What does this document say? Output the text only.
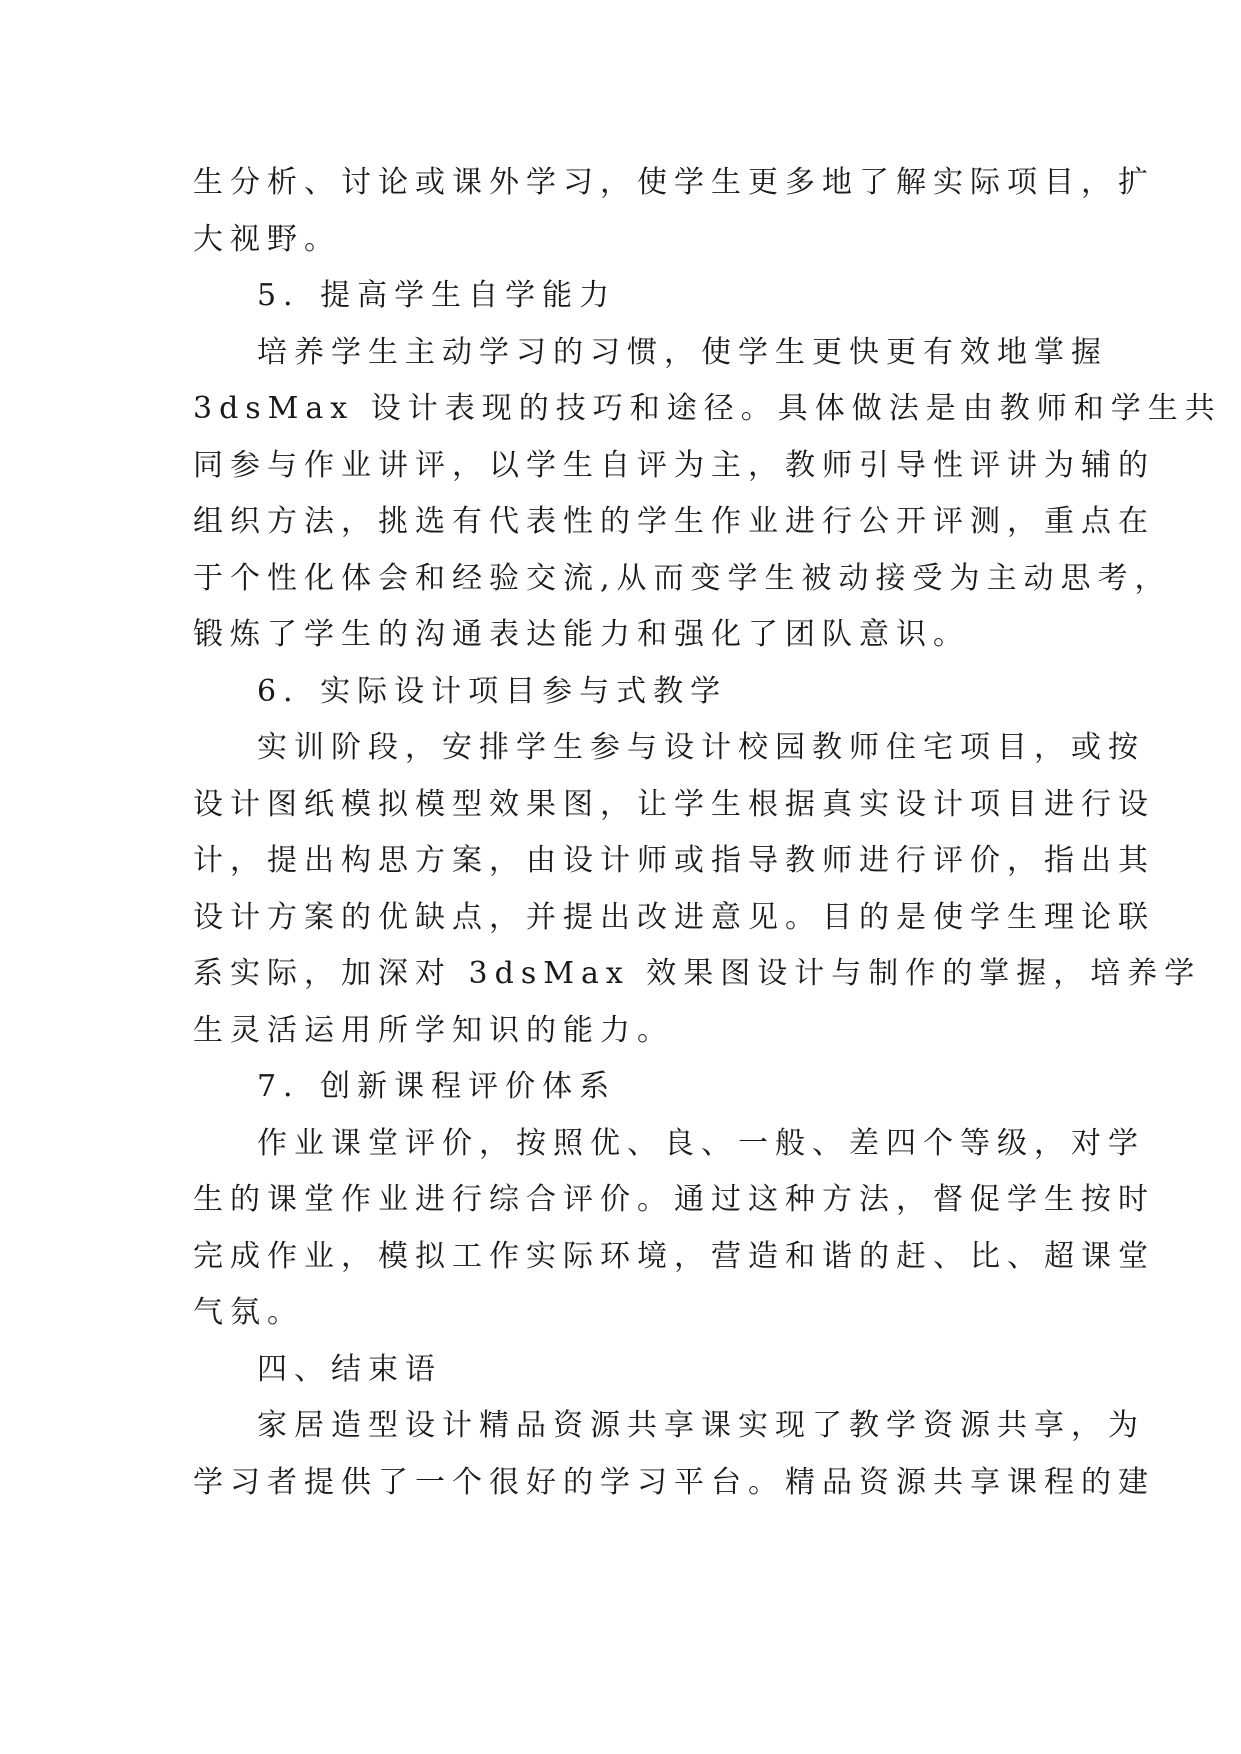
生分析、讨论或课外学习，使学生更多地了解实际项目，扩
大视野。
5．提高学生自学能力
培养学生主动学习的习惯，使学生更快更有效地掌握
3dsMax 设计表现的技巧和途径。具体做法是由教师和学生共
同参与作业讲评，以学生自评为主，教师引导性评讲为辅的
组织方法，挑选有代表性的学生作业进行公开评测，重点在
于个性化体会和经验交流,从而变学生被动接受为主动思考，
锻炼了学生的沟通表达能力和强化了团队意识。
6．实际设计项目参与式教学
实训阶段，安排学生参与设计校园教师住宅项目，或按
设计图纸模拟模型效果图，让学生根据真实设计项目进行设
计，提出构思方案，由设计师或指导教师进行评价，指出其
设计方案的优缺点，并提出改进意见。目的是使学生理论联
系实际，加深对 3dsMax 效果图设计与制作的掌握，培养学
生灵活运用所学知识的能力。
7．创新课程评价体系
作业课堂评价，按照优、良、一般、差四个等级，对学
生的课堂作业进行综合评价。通过这种方法，督促学生按时
完成作业，模拟工作实际环境，营造和谐的赶、比、超课堂
气氛。
四、结束语
家居造型设计精品资源共享课实现了教学资源共享，为
学习者提供了一个很好的学习平台。精品资源共享课程的建
